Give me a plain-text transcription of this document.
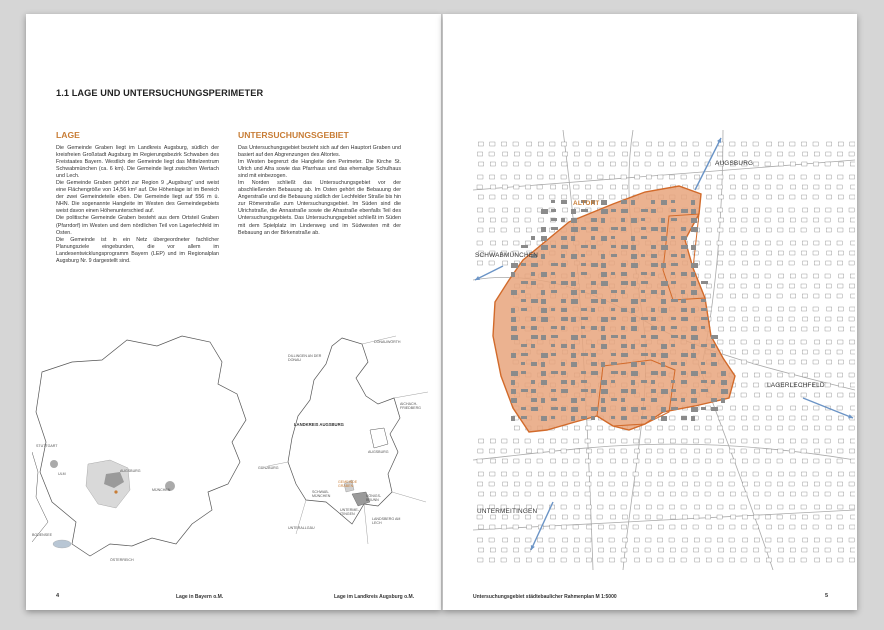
1.1 LAGE UND UNTERSUCHUNGSPERIMETER
LAGE

Die Gemeinde Graben liegt im Landkreis Augsburg, südlich der kreisfreien Großstadt Augsburg im Regierungsbezirk Schwaben des Freistaates Bayern. Westlich der Gemeinde liegt das Mittelzentrum Schwabmünchen (ca. 6 km). Die Gemeinde liegt zwischen Wertach und Lech.

Die Gemeinde Graben gehört zur Region 9 „Augsburg“ und weist eine Flächengröße von 14,56 km² auf. Die Höhenlage ist im Bereich der zwei Gemeindeteile eben. Die Gemeinde liegt auf 556 m ü. NHN. Die sogenannte Hangleite im Westen des Gemeindegebiets weist davon einen Höhenunterschied auf.

Die politische Gemeinde Graben besteht aus dem Ortsteil Graben (Pfarrdorf) im Westen und dem nördlichen Teil von Lagerlechfeld im Osten.

Die Gemeinde ist in ein Netz übergeordneter fachlicher Planungsziele eingebunden, die vor allem im Landesentwicklungsprogramm Bayern (LEP) und im Regionalplan Augsburg Nr. 9 dargestellt sind.

UNTERSUCHUNGSGEBIET

Das Untersuchungsgebiet bezieht sich auf den Hauptort Graben und basiert auf den Abgrenzungen des Altortes.

Im Westen begrenzt die Hangleite den Perimeter. Die Kirche St. Ulrich und Afra sowie das Pfarrhaus und das ehemalige Schulhaus sind mit einbezogen.

Im Norden schließt das Untersuchungsgebiet vor der abschließenden Bebauung ab. Im Osten gehört die Bebauung der Angerstraße und die Bebauung südlich der Lechfelder Straße bis hin zur Römerstraße zum Untersuchungsgebiet. Im Süden sind die Ulrichstraße, die Annastraße sowie die Afrastraße ebenfalls Teil des Untersuchungsgebiets. Das Untersuchungsgebiet schließt im Süden mit dem Spielplatz im Lindenweg und im Südwesten mit der Bebauung an der Birkenstraße ab.

STUTTGART
ULM
AUGSBURG
MÜNCHEN
BODENSEE
ÖSTERREICH
DONAUWÖRTH
DILLINGEN AN DER DONAU
LANDKREIS AUGSBURG
AICHACH-FRIEDBERG
AUGSBURG
GÜNZBURG
SCHWAB-MÜNCHEN
GEMEINDE GRABEN
KÖNIGS-BRUNN
UNTERME-ITINGEN
LANDSBERG AM LECH
UNTERALLGÄU
4	Lage in Bayern o.M.	Lage im Landkreis Augsburg o.M.
AUGSBURG
ALTORT
SCHWABMÜNCHEN
LAGERLECHFELD
UNTERMEITINGEN
Untersuchungsgebiet städtebaulicher Rahmenplan M 1:5000	5
